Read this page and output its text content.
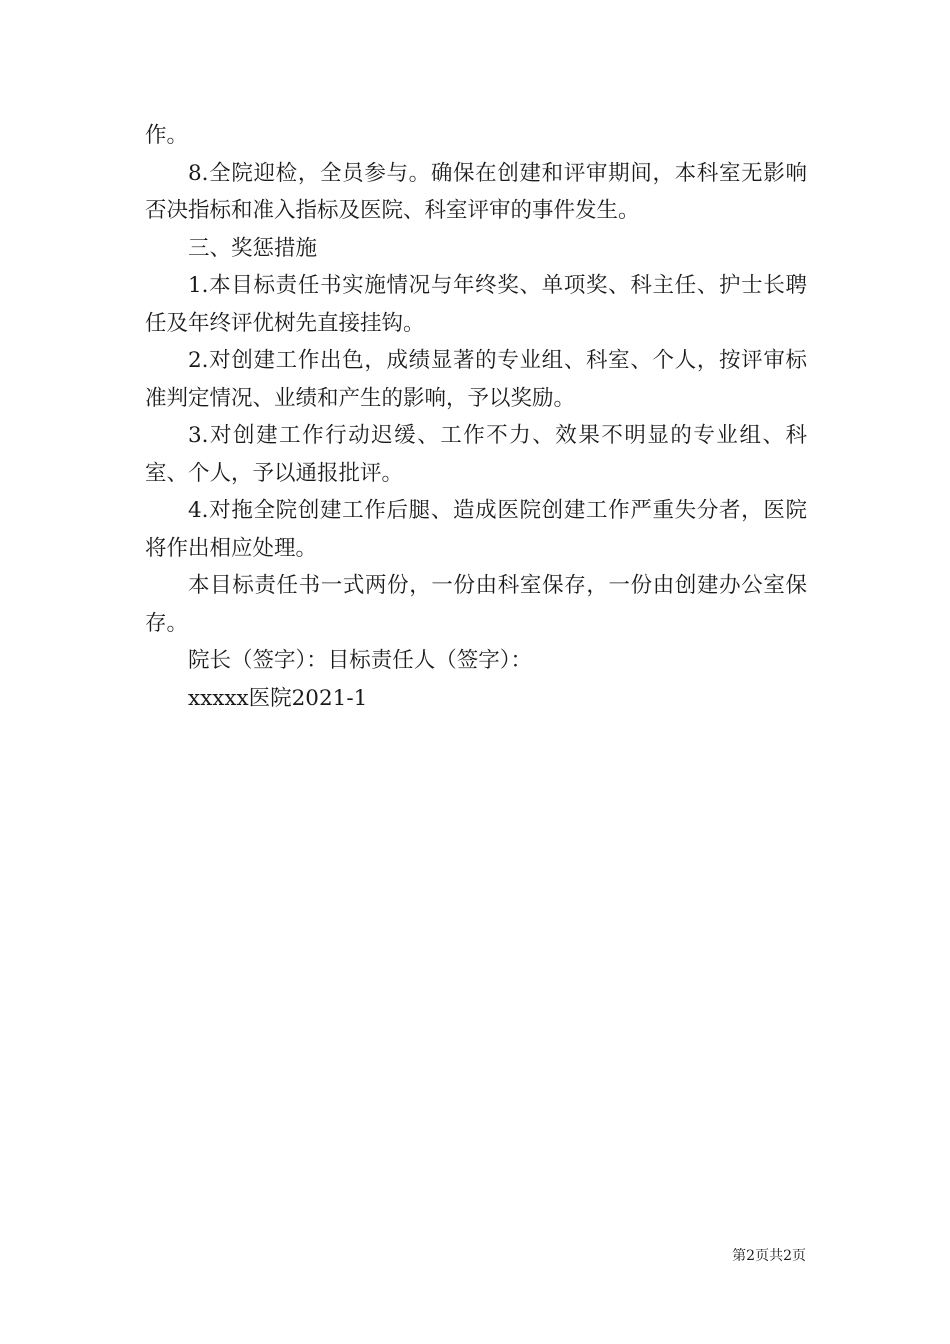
作。

8.全院迎检，全员参与。确保在创建和评审期间，本科室无影响否决指标和准入指标及医院、科室评审的事件发生。

三、奖惩措施

1.本目标责任书实施情况与年终奖、单项奖、科主任、护士长聘任及年终评优树先直接挂钩。

2.对创建工作出色，成绩显著的专业组、科室、个人，按评审标准判定情况、业绩和产生的影响，予以奖励。

3.对创建工作行动迟缓、工作不力、效果不明显的专业组、科室、个人，予以通报批评。

4.对拖全院创建工作后腿、造成医院创建工作严重失分者，医院将作出相应处理。

本目标责任书一式两份，一份由科室保存，一份由创建办公室保存。

院长（签字）：目标责任人（签字）：

xxxxx医院2021-1

第2页共2页
